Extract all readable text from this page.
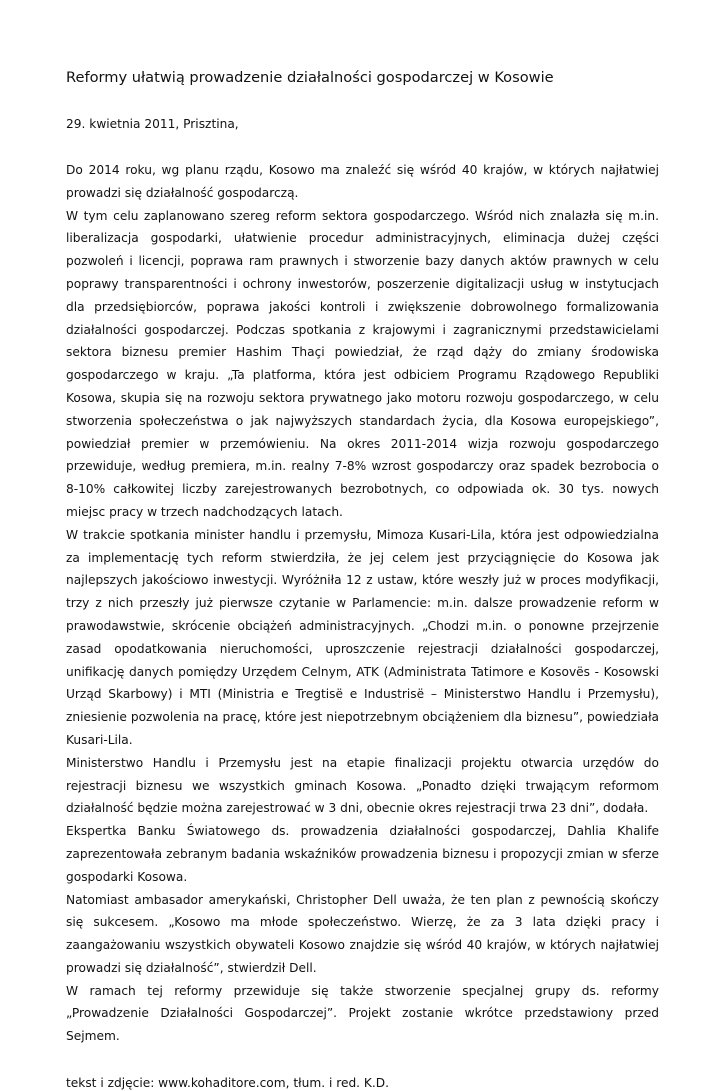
Reformy ułatwią prowadzenie działalności gospodarczej w Kosowie
29. kwietnia 2011, Prisztina,

Do 2014 roku, wg planu rządu, Kosowo ma znaleźć się wśród 40 krajów, w których najłatwiej prowadzi się działalność gospodarczą.

W tym celu zaplanowano szereg reform sektora gospodarczego. Wśród nich znalazła się m.in. liberalizacja gospodarki, ułatwienie procedur administracyjnych, eliminacja dużej części pozwoleń i licencji, poprawa ram prawnych i stworzenie bazy danych aktów prawnych w celu poprawy transparentności i ochrony inwestorów, poszerzenie digitalizacji usług w instytucjach dla przedsiębiorców, poprawa jakości kontroli i zwiększenie dobrowolnego formalizowania działalności gospodarczej. Podczas spotkania z krajowymi i zagranicznymi przedstawicielami sektora biznesu premier Hashim Thaçi powiedział, że rząd dąży do zmiany środowiska gospodarczego w kraju. „Ta platforma, która jest odbiciem Programu Rządowego Republiki Kosowa, skupia się na rozwoju sektora prywatnego jako motoru rozwoju gospodarczego, w celu stworzenia społeczeństwa o jak najwyższych standardach życia, dla Kosowa europejskiego”, powiedział premier w przemówieniu. Na okres 2011-2014 wizja rozwoju gospodarczego przewiduje, według premiera, m.in. realny 7-8% wzrost gospodarczy oraz spadek bezrobocia o 8-10% całkowitej liczby zarejestrowanych bezrobotnych, co odpowiada ok. 30 tys. nowych miejsc pracy w trzech nadchodzących latach.

W trakcie spotkania minister handlu i przemysłu, Mimoza Kusari-Lila, która jest odpowiedzialna za implementację tych reform stwierdziła, że jej celem jest przyciągnięcie do Kosowa jak najlepszych jakościowo inwestycji. Wyróżniła 12 z ustaw, które weszły już w proces modyfikacji, trzy z nich przeszły już pierwsze czytanie w Parlamencie: m.in. dalsze prowadzenie reform w prawodawstwie, skrócenie obciążeń administracyjnych. „Chodzi m.in. o ponowne przejrzenie zasad opodatkowania nieruchomości, uproszczenie rejestracji działalności gospodarczej, unifikację danych pomiędzy Urzędem Celnym, ATK (Administrata Tatimore e Kosovës - Kosowski Urząd Skarbowy) i MTI (Ministria e Tregtisë e Industrisë – Ministerstwo Handlu i Przemysłu), zniesienie pozwolenia na pracę, które jest niepotrzebnym obciążeniem dla biznesu”, powiedziała Kusari-Lila.

Ministerstwo Handlu i Przemysłu jest na etapie finalizacji projektu otwarcia urzędów do rejestracji biznesu we wszystkich gminach Kosowa. „Ponadto dzięki trwającym reformom działalność będzie można zarejestrować w 3 dni, obecnie okres rejestracji trwa 23 dni”, dodała.

Ekspertka Banku Światowego ds. prowadzenia działalności gospodarczej, Dahlia Khalife zaprezentowała zebranym badania wskaźników prowadzenia biznesu i propozycji zmian w sferze gospodarki Kosowa.

Natomiast ambasador amerykański, Christopher Dell uważa, że ten plan z pewnością skończy się sukcesem. „Kosowo ma młode społeczeństwo. Wierzę, że za 3 lata dzięki pracy i zaangażowaniu wszystkich obywateli Kosowo znajdzie się wśród 40 krajów, w których najłatwiej prowadzi się działalność”, stwierdził Dell.

W ramach tej reformy przewiduje się także stworzenie specjalnej grupy ds. reformy „Prowadzenie Działalności Gospodarczej”. Projekt zostanie wkrótce przedstawiony przed Sejmem.

tekst i zdjęcie: www.kohaditore.com, tłum. i red. K.D.
